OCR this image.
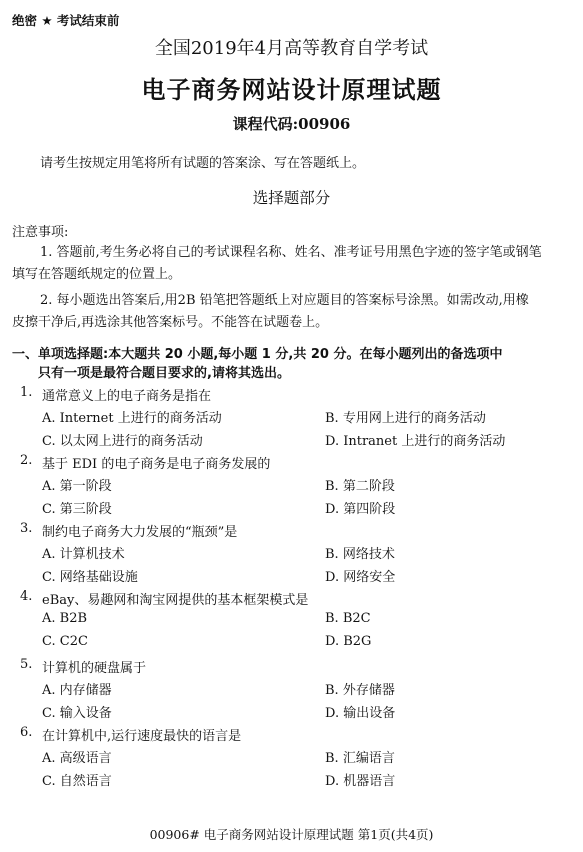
绝密 ★ 考试结束前
全国2019年4月高等教育自学考试
电子商务网站设计原理试题
课程代码:00906
请考生按规定用笔将所有试题的答案涂、写在答题纸上。
选择题部分
注意事项:
1. 答题前,考生务必将自己的考试课程名称、姓名、准考证号用黑色字迹的签字笔或钢笔
填写在答题纸规定的位置上。
2. 每小题选出答案后,用2B 铅笔把答题纸上对应题目的答案标号涂黑。如需改动,用橡
皮擦干净后,再选涂其他答案标号。不能答在试题卷上。
一、单项选择题:本大题共 20 小题,每小题 1 分,共 20 分。在每小题列出的备选项中
只有一项是最符合题目要求的,请将其选出。
1. 通常意义上的电子商务是指在
A. Internet 上进行的商务活动	B. 专用网上进行的商务活动
C. 以太网上进行的商务活动	D. Intranet 上进行的商务活动
2. 基于 EDI 的电子商务是电子商务发展的
A. 第一阶段	B. 第二阶段
C. 第三阶段	D. 第四阶段
3. 制约电子商务大力发展的“瓶颈”是
A. 计算机技术	B. 网络技术
C. 网络基础设施	D. 网络安全
4. eBay、易趣网和淘宝网提供的基本框架模式是
A. B2B	B. B2C
C. C2C	D. B2G
5. 计算机的硬盘属于
A. 内存储器	B. 外存储器
C. 输入设备	D. 输出设备
6. 在计算机中,运行速度最快的语言是
A. 高级语言	B. 汇编语言
C. 自然语言	D. 机器语言
00906# 电子商务网站设计原理试题 第1页(共4页)
